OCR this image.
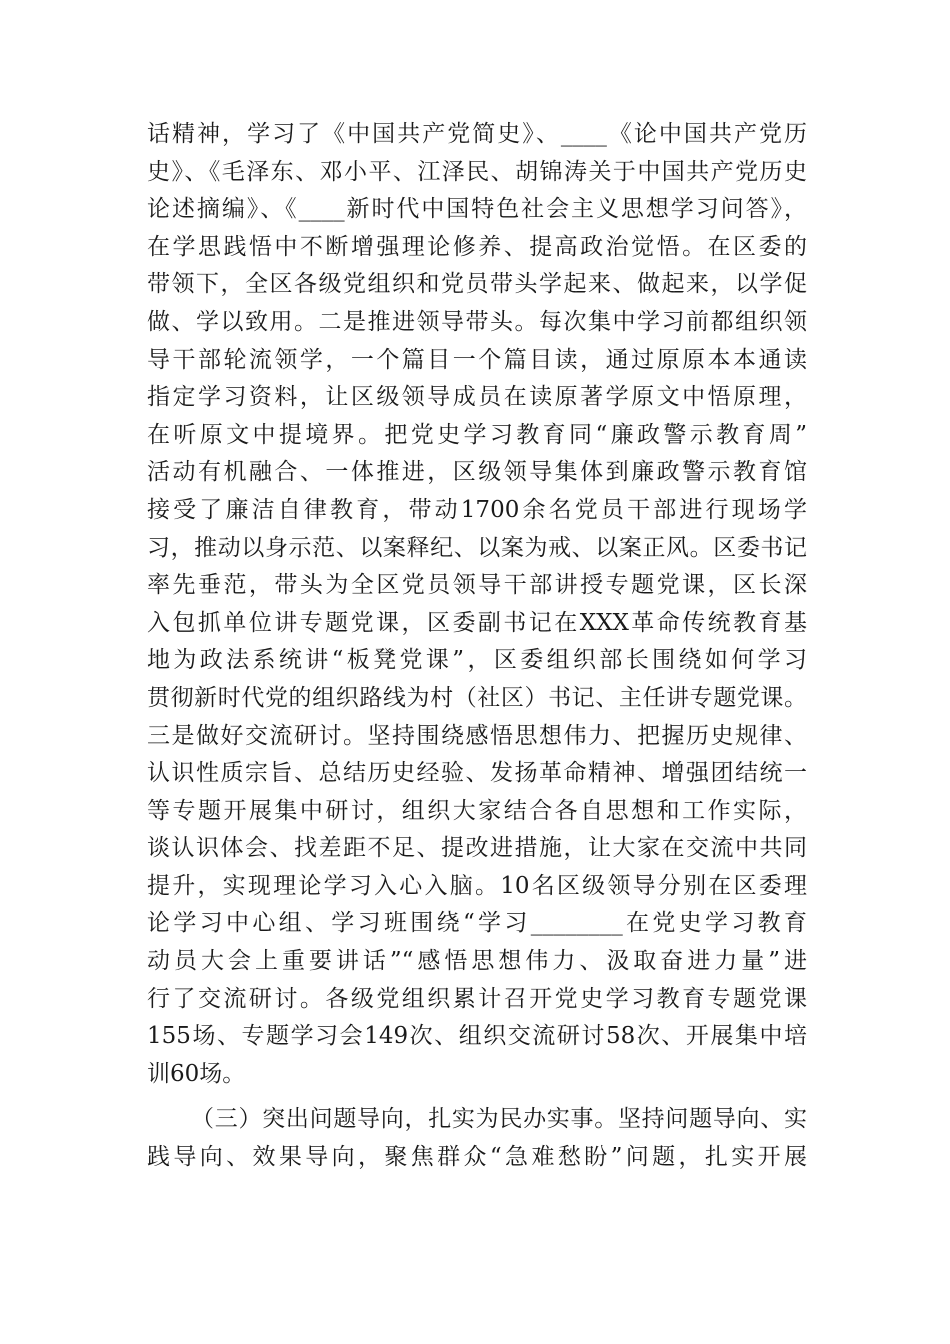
话精神，学习了《中国共产党简史》、____《论中国共产党历
史》、《毛泽东、邓小平、江泽民、胡锦涛关于中国共产党历史
论述摘编》、《____新时代中国特色社会主义思想学习问答》，
在学思践悟中不断增强理论修养、提高政治觉悟。在区委的
带领下，全区各级党组织和党员带头学起来、做起来，以学促
做、学以致用。二是推进领导带头。每次集中学习前都组织领
导干部轮流领学，一个篇目一个篇目读，通过原原本本通读
指定学习资料，让区级领导成员在读原著学原文中悟原理，
在听原文中提境界。把党史学习教育同“廉政警示教育周”
活动有机融合、一体推进，区级领导集体到廉政警示教育馆
接受了廉洁自律教育，带动1700余名党员干部进行现场学
习，推动以身示范、以案释纪、以案为戒、以案正风。区委书记
率先垂范，带头为全区党员领导干部讲授专题党课，区长深
入包抓单位讲专题党课，区委副书记在XXX革命传统教育基
地为政法系统讲“板凳党课”，区委组织部长围绕如何学习
贯彻新时代党的组织路线为村（社区）书记、主任讲专题党课。
三是做好交流研讨。坚持围绕感悟思想伟力、把握历史规律、
认识性质宗旨、总结历史经验、发扬革命精神、增强团结统一
等专题开展集中研讨，组织大家结合各自思想和工作实际，
谈认识体会、找差距不足、提改进措施，让大家在交流中共同
提升，实现理论学习入心入脑。10名区级领导分别在区委理
论学习中心组、学习班围绕“学习________在党史学习教育
动员大会上重要讲话”“感悟思想伟力、汲取奋进力量”进
行了交流研讨。各级党组织累计召开党史学习教育专题党课
155场、专题学习会149次、组织交流研讨58次、开展集中培
训60场。
（三）突出问题导向，扎实为民办实事。坚持问题导向、实
践导向、效果导向，聚焦群众“急难愁盼”问题，扎实开展
